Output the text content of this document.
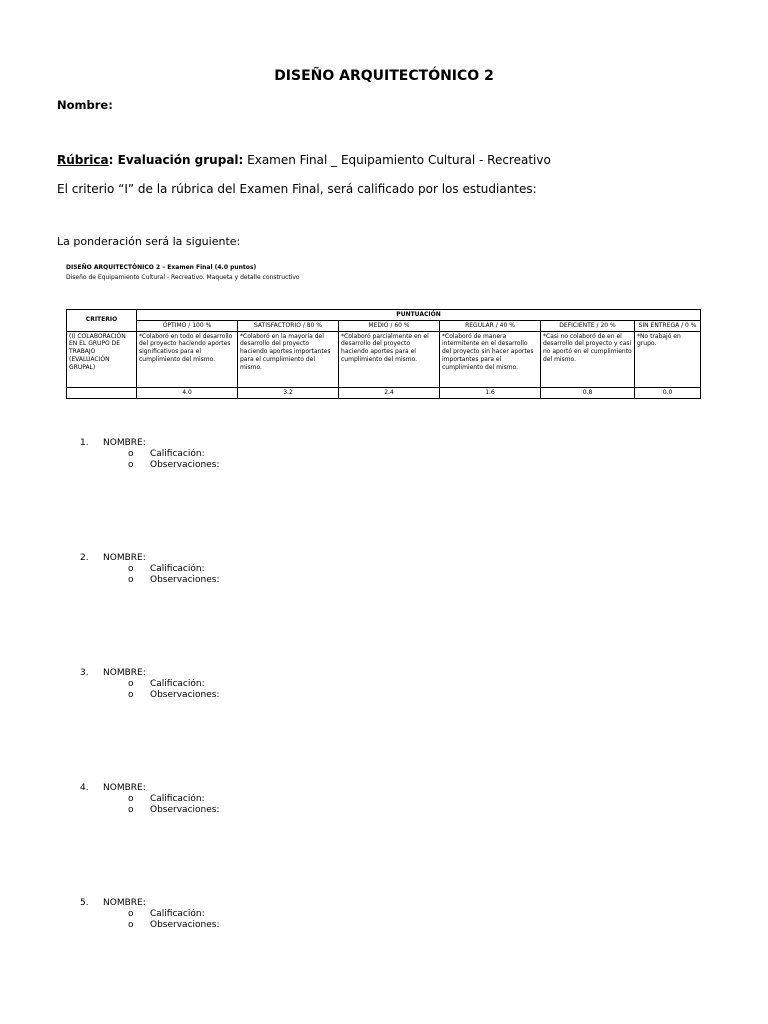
DISEÑO ARQUITECTÓNICO 2
Nombre:
Rúbrica: Evaluación grupal: Examen Final _ Equipamiento Cultural - Recreativo
El criterio “I” de la rúbrica del Examen Final, será calificado por los estudiantes:
La ponderación será la siguiente:
DISEÑO ARQUITECTÓNICO 2 – Examen Final (4.0 puntos)
Diseño de Equipamiento Cultural - Recreativo. Maqueta y detalle constructivo
CRITERIO	PUNTUACIÓN					
	ÓPTIMO / 100 %	SATISFACTORIO / 80 %	MEDIO / 60 %	REGULAR / 40 %	DEFICIENTE / 20 %	SIN ENTREGA / 0 %
(I) COLABORACIÓN EN EL GRUPO DE TRABAJO (EVALUACIÓN GRUPAL)	*Colaboró en todo el desarrollo del proyecto haciendo aportes significativos para el cumplimiento del mismo.	*Colaboró en la mayoría del desarrollo del proyecto haciendo aportes importantes para el cumplimiento del mismo.	*Colaboró parcialmente en el desarrollo del proyecto haciendo aportes para el cumplimiento del mismo.	*Colaboró de manera intermitente en el desarrollo del proyecto sin hacer aportes importantes para el cumplimiento del mismo.	*Casi no colaboró de en el desarrollo del proyecto y casi no aportó en el cumplimiento del mismo.	*No trabajó en grupo.
	4.0	3.2	2.4	1.6	0.8	0.0
1. NOMBRE:
o Calificación:
o Observaciones:
2. NOMBRE:
o Calificación:
o Observaciones:
3. NOMBRE:
o Calificación:
o Observaciones:
4. NOMBRE:
o Calificación:
o Observaciones:
5. NOMBRE:
o Calificación:
o Observaciones:
